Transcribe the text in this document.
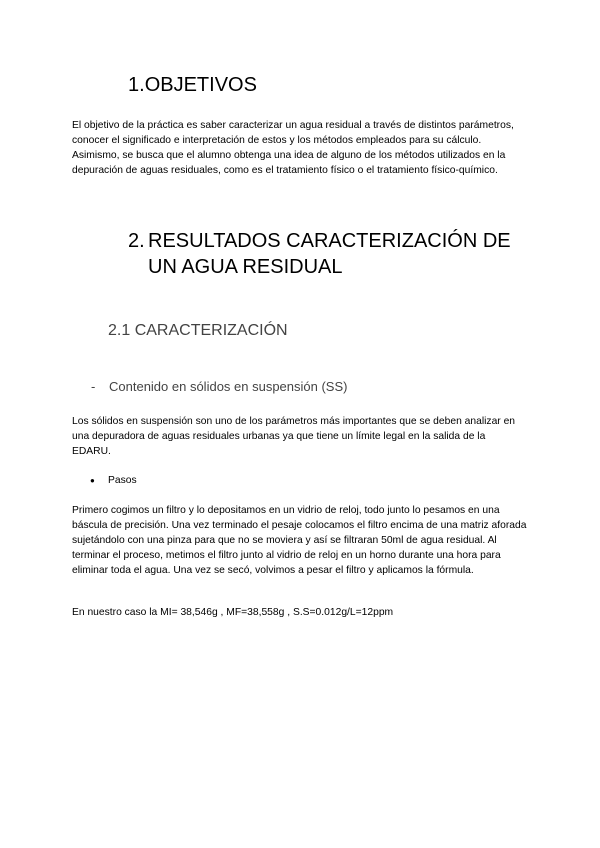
1.OBJETIVOS

El objetivo de la práctica es saber caracterizar un agua residual a través de distintos parámetros, conocer el significado e interpretación de estos y los métodos empleados para su cálculo. Asimismo, se busca que el alumno obtenga una idea de alguno de los métodos utilizados en la depuración de aguas residuales, como es el tratamiento físico o el tratamiento físico-químico.

2. RESULTADOS CARACTERIZACIÓN DE
UN AGUA RESIDUAL
2.1 CARACTERIZACIÓN
- Contenido en sólidos en suspensión (SS)

Los sólidos en suspensión son uno de los parámetros más importantes que se deben analizar en una depuradora de aguas residuales urbanas ya que tiene un límite legal en la salida de la EDARU.

● Pasos

Primero cogimos un filtro y lo depositamos en un vidrio de reloj, todo junto lo pesamos en una báscula de precisión. Una vez terminado el pesaje colocamos el filtro encima de una matriz aforada sujetándolo con una pinza para que no se moviera y así se filtraran 50ml de agua residual. Al terminar el proceso, metimos el filtro junto al vidrio de reloj en un horno durante una hora para eliminar toda el agua. Una vez se secó, volvimos a pesar el filtro y aplicamos la fórmula.

En nuestro caso la MI= 38,546g , MF=38,558g , S.S=0.012g/L=12ppm
